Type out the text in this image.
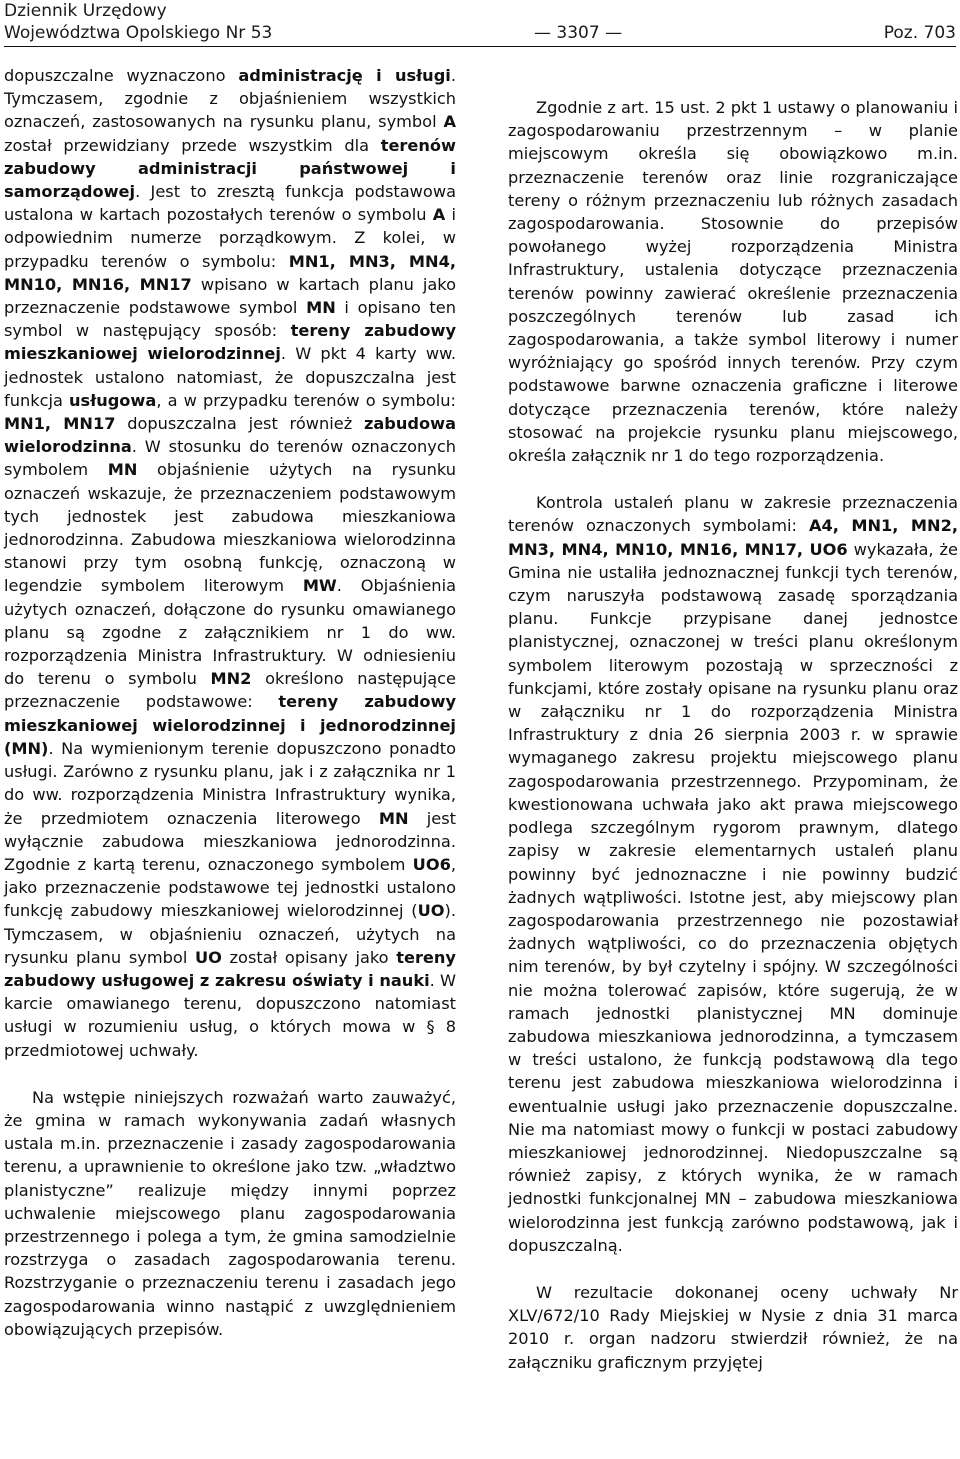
Dziennik Urzędowy
Województwa Opolskiego Nr 53	— 3307 —	Poz. 703

dopuszczalne wyznaczono administrację i usługi. Tymczasem, zgodnie z objaśnieniem wszystkich oznaczeń, zastosowanych na rysunku planu, symbol A został przewidziany przede wszystkim dla terenów zabudowy administracji państwowej i samorządowej. Jest to zresztą funkcja podstawowa ustalona w kartach pozostałych terenów o symbolu A i odpowiednim numerze porządkowym. Z kolei, w przypadku terenów o symbolu: MN1, MN3, MN4, MN10, MN16, MN17 wpisano w kartach planu jako przeznaczenie podstawowe symbol MN i opisano ten symbol w następujący sposób: tereny zabudowy mieszkaniowej wielorodzinnej. W pkt 4 karty ww. jednostek ustalono natomiast, że dopuszczalna jest funkcja usługowa, a w przypadku terenów o symbolu: MN1, MN17 dopuszczalna jest również zabudowa wielorodzinna. W stosunku do terenów oznaczonych symbolem MN objaśnienie użytych na rysunku oznaczeń wskazuje, że przeznaczeniem podstawowym tych jednostek jest zabudowa mieszkaniowa jednorodzinna. Zabudowa mieszkaniowa wielorodzinna stanowi przy tym osobną funkcję, oznaczoną w legendzie symbolem literowym MW. Objaśnienia użytych oznaczeń, dołączone do rysunku omawianego planu są zgodne z załącznikiem nr 1 do ww. rozporządzenia Ministra Infrastruktury. W odniesieniu do terenu o symbolu MN2 określono następujące przeznaczenie podstawowe: tereny zabudowy mieszkaniowej wielorodzinnej i jednorodzinnej (MN). Na wymienionym terenie dopuszczono ponadto usługi. Zarówno z rysunku planu, jak i z załącznika nr 1 do ww. rozporządzenia Ministra Infrastruktury wynika, że przedmiotem oznaczenia literowego MN jest wyłącznie zabudowa mieszkaniowa jednorodzinna. Zgodnie z kartą terenu, oznaczonego symbolem UO6, jako przeznaczenie podstawowe tej jednostki ustalono funkcję zabudowy mieszkaniowej wielorodzinnej (UO). Tymczasem, w objaśnieniu oznaczeń, użytych na rysunku planu symbol UO został opisany jako tereny zabudowy usługowej z zakresu oświaty i nauki. W karcie omawianego terenu, dopuszczono natomiast usługi w rozumieniu usług, o których mowa w § 8 przedmiotowej uchwały.

Na wstępie niniejszych rozważań warto zauważyć, że gmina w ramach wykonywania zadań własnych ustala m.in. przeznaczenie i zasady zagospodarowania terenu, a uprawnienie to określone jako tzw. „władztwo planistyczne” realizuje między innymi poprzez uchwalenie miejscowego planu zagospodarowania przestrzennego i polega a tym, że gmina samodzielnie rozstrzyga o zasadach zagospodarowania terenu. Rozstrzyganie o przeznaczeniu terenu i zasadach jego zagospodarowania winno nastąpić z uwzględnieniem obowiązujących przepisów.

Zgodnie z art. 15 ust. 2 pkt 1 ustawy o planowaniu i zagospodarowaniu przestrzennym – w planie miejscowym określa się obowiązkowo m.in. przeznaczenie terenów oraz linie rozgraniczające tereny o różnym przeznaczeniu lub różnych zasadach zagospodarowania. Stosownie do przepisów powołanego wyżej rozporządzenia Ministra Infrastruktury, ustalenia dotyczące przeznaczenia terenów powinny zawierać określenie przeznaczenia poszczególnych terenów lub zasad ich zagospodarowania, a także symbol literowy i numer wyróżniający go spośród innych terenów. Przy czym podstawowe barwne oznaczenia graficzne i literowe dotyczące przeznaczenia terenów, które należy stosować na projekcie rysunku planu miejscowego, określa załącznik nr 1 do tego rozporządzenia.

Kontrola ustaleń planu w zakresie przeznaczenia terenów oznaczonych symbolami: A4, MN1, MN2, MN3, MN4, MN10, MN16, MN17, UO6 wykazała, że Gmina nie ustaliła jednoznacznej funkcji tych terenów, czym naruszyła podstawową zasadę sporządzania planu. Funkcje przypisane danej jednostce planistycznej, oznaczonej w treści planu określonym symbolem literowym pozostają w sprzeczności z funkcjami, które zostały opisane na rysunku planu oraz w załączniku nr 1 do rozporządzenia Ministra Infrastruktury z dnia 26 sierpnia 2003 r. w sprawie wymaganego zakresu projektu miejscowego planu zagospodarowania przestrzennego. Przypominam, że kwestionowana uchwała jako akt prawa miejscowego podlega szczególnym rygorom prawnym, dlatego zapisy w zakresie elementarnych ustaleń planu powinny być jednoznaczne i nie powinny budzić żadnych wątpliwości. Istotne jest, aby miejscowy plan zagospodarowania przestrzennego nie pozostawiał żadnych wątpliwości, co do przeznaczenia objętych nim terenów, by był czytelny i spójny. W szczególności nie można tolerować zapisów, które sugerują, że w ramach jednostki planistycznej MN dominuje zabudowa mieszkaniowa jednorodzinna, a tymczasem w treści ustalono, że funkcją podstawową dla tego terenu jest zabudowa mieszkaniowa wielorodzinna i ewentualnie usługi jako przeznaczenie dopuszczalne. Nie ma natomiast mowy o funkcji w postaci zabudowy mieszkaniowej jednorodzinnej. Niedopuszczalne są również zapisy, z których wynika, że w ramach jednostki funkcjonalnej MN – zabudowa mieszkaniowa wielorodzinna jest funkcją zarówno podstawową, jak i dopuszczalną.

W rezultacie dokonanej oceny uchwały Nr XLV/672/10 Rady Miejskiej w Nysie z dnia 31 marca 2010 r. organ nadzoru stwierdził również, że na załączniku graficznym przyjętej
